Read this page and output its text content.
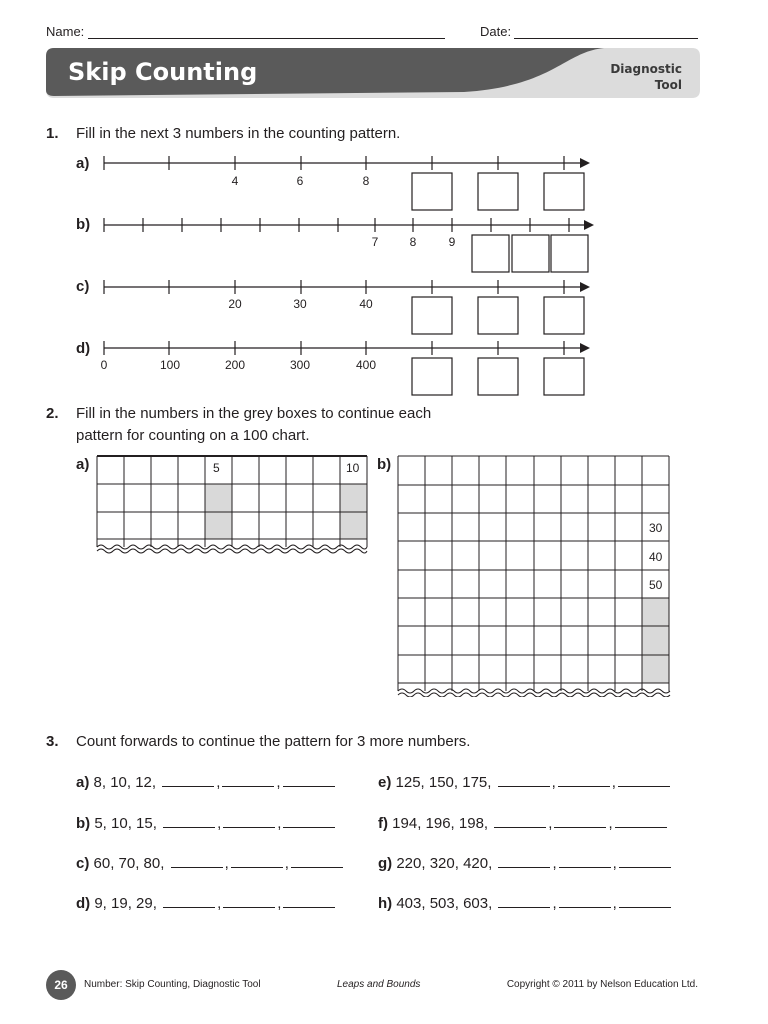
Name:	Date:
Skip Counting	Diagnostic
Tool
1. Fill in the next 3 numbers in the counting pattern.
a)
4	6	8
b)
7	8	9
c)
20	30	40
d)
0	100	200	300	400
2. Fill in the numbers in the grey boxes to continue each
pattern for counting on a 100 chart.
a)	5	10 b)
30
40
50
3. Count forwards to continue the pattern for 3 more numbers.
a) 8, 10, 12,	,	,
b) 5, 10, 15,	,	,
c) 60, 70, 80,	,	,
d) 9, 19, 29,	,	,
e) 125, 150, 175,	,	,
f) 194, 196, 198,	,	,
g) 220, 320, 420,	,	,
h) 403, 503, 603,	,	,
26	Number: Skip Counting, Diagnostic Tool	Leaps and Bounds	Copyright © 2011 by Nelson Education Ltd.
